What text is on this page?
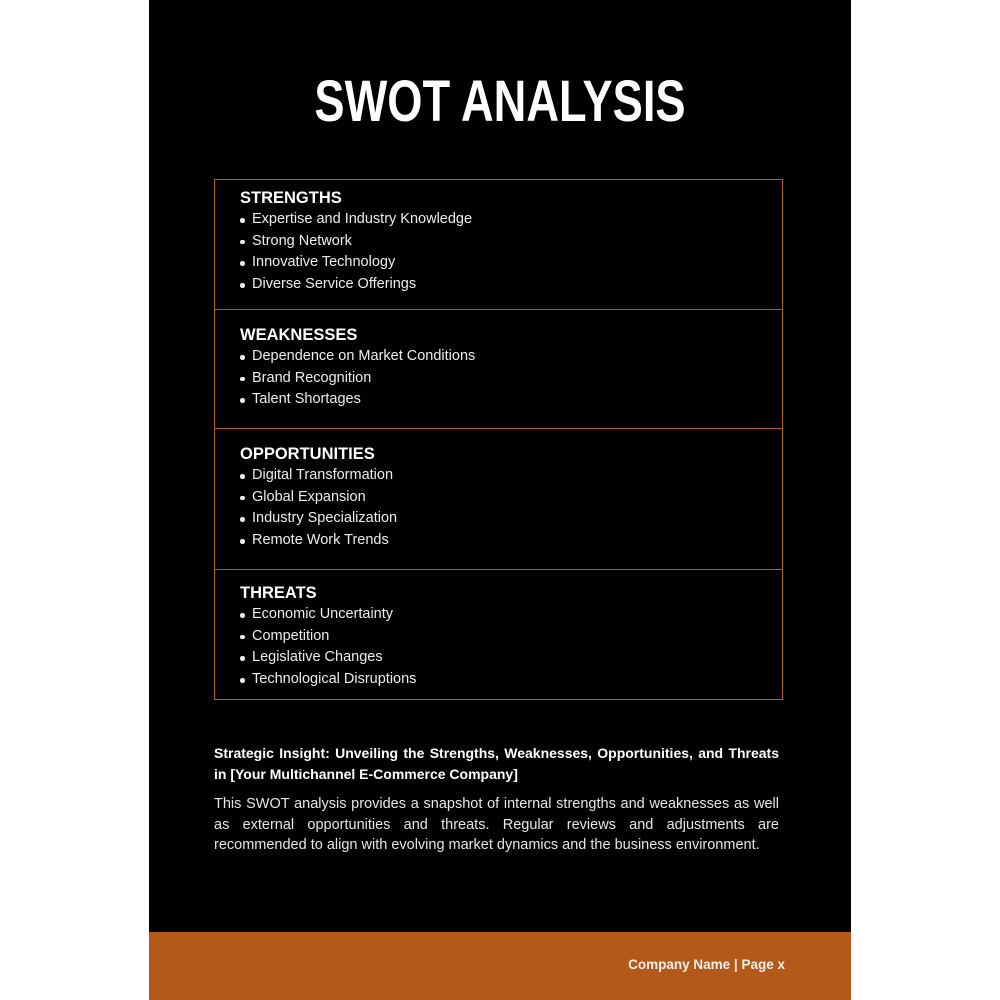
SWOT ANALYSIS
STRENGTHS
Expertise and Industry Knowledge
Strong Network
Innovative Technology
Diverse Service Offerings
WEAKNESSES
Dependence on Market Conditions
Brand Recognition
Talent Shortages
OPPORTUNITIES
Digital Transformation
Global Expansion
Industry Specialization
Remote Work Trends
THREATS
Economic Uncertainty
Competition
Legislative Changes
Technological Disruptions

Strategic Insight: Unveiling the Strengths, Weaknesses, Opportunities, and Threats in [Your Multichannel E-Commerce Company]

This SWOT analysis provides a snapshot of internal strengths and weaknesses as well as external opportunities and threats. Regular reviews and adjustments are recommended to align with evolving market dynamics and the business environment.

Company Name | Page x
